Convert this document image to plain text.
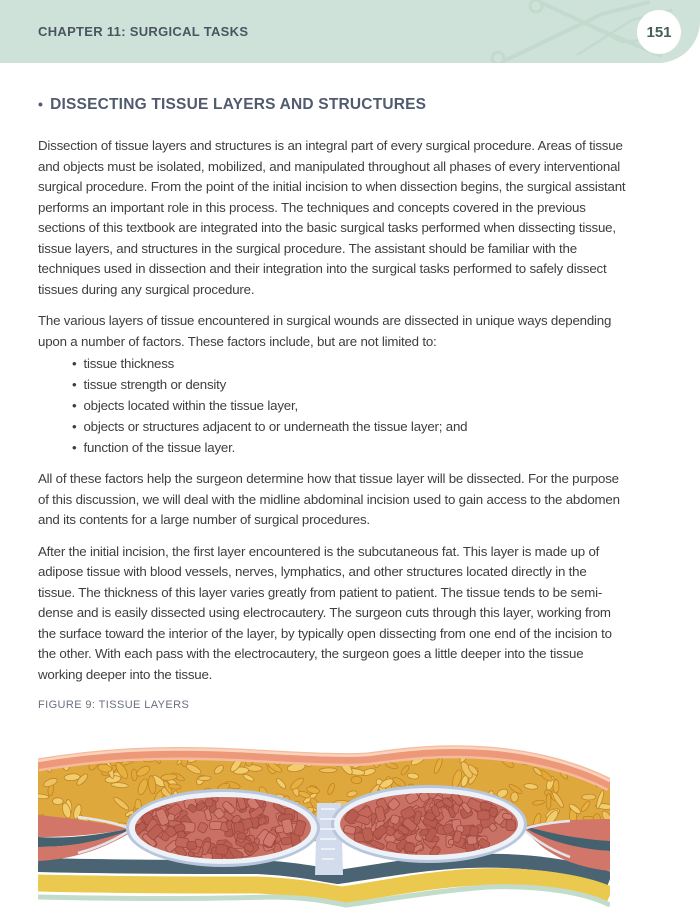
CHAPTER 11: SURGICAL TASKS	151
• DISSECTING TISSUE LAYERS AND STRUCTURES

Dissection of tissue layers and structures is an integral part of every surgical procedure. Areas of tissue and objects must be isolated, mobilized, and manipulated throughout all phases of every interventional surgical procedure. From the point of the initial incision to when dissection begins, the surgical assistant performs an important role in this process. The techniques and concepts covered in the previous sections of this textbook are integrated into the basic surgical tasks performed when dissecting tissue, tissue layers, and structures in the surgical procedure. The assistant should be familiar with the techniques used in dissection and their integration into the surgical tasks performed to safely dissect tissues during any surgical procedure.

The various layers of tissue encountered in surgical wounds are dissected in unique ways depending upon a number of factors. These factors include, but are not limited to:

• tissue thickness
• tissue strength or density
• objects located within the tissue layer,
• objects or structures adjacent to or underneath the tissue layer; and
• function of the tissue layer.

All of these factors help the surgeon determine how that tissue layer will be dissected. For the purpose of this discussion, we will deal with the midline abdominal incision used to gain access to the abdomen and its contents for a large number of surgical procedures.

After the initial incision, the first layer encountered is the subcutaneous fat. This layer is made up of adipose tissue with blood vessels, nerves, lymphatics, and other structures located directly in the tissue. The thickness of this layer varies greatly from patient to patient. The tissue tends to be semi-dense and is easily dissected using electrocautery. The surgeon cuts through this layer, working from the surface toward the interior of the layer, by typically open dissecting from one end of the incision to the other. With each pass with the electrocautery, the surgeon goes a little deeper into the tissue working deeper into the tissue.

FIGURE 9: TISSUE LAYERS
